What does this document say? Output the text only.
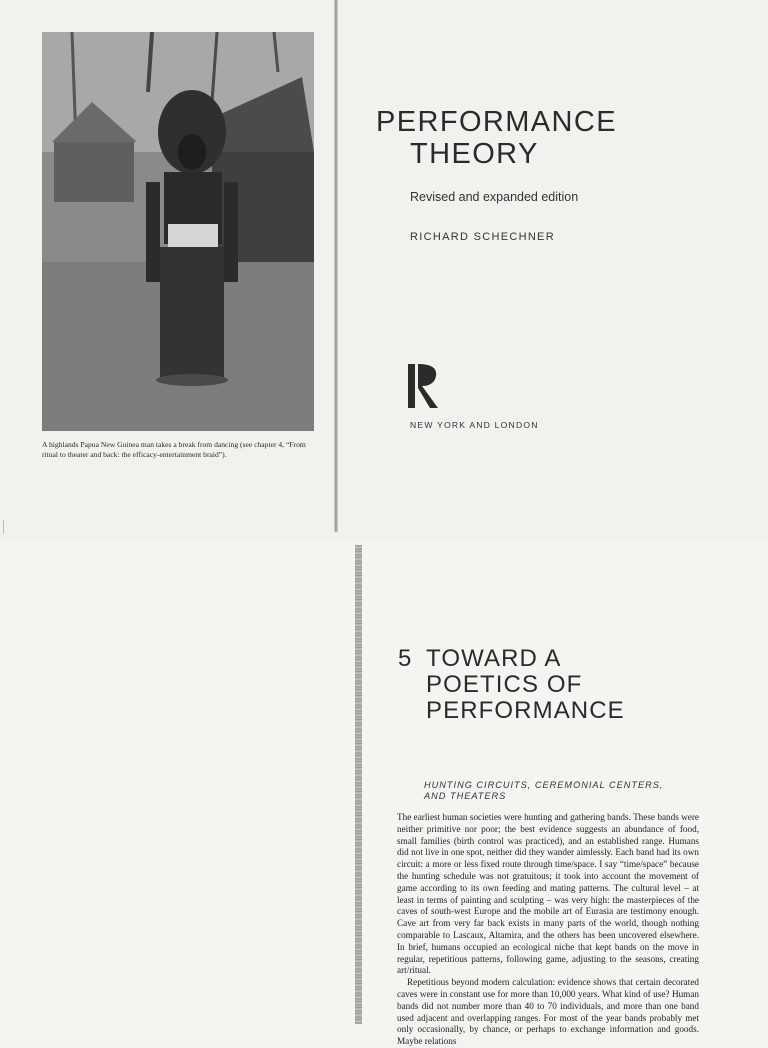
A highlands Papua New Guinea man takes a break from dancing (see chapter 4, “From ritual to theater and back: the efficacy-entertainment braid”).
PERFORMANCE
THEORY
Revised and expanded edition
RICHARD SCHECHNER
NEW YORK AND LONDON
5 TOWARD A
POETICS OF
PERFORMANCE
HUNTING CIRCUITS, CEREMONIAL CENTERS,
AND THEATERS

The earliest human societies were hunting and gathering bands. These bands were neither primitive nor poor; the best evidence suggests an abundance of food, small families (birth control was practiced), and an established range. Humans did not live in one spot, neither did they wander aimlessly. Each band had its own circuit: a more or less fixed route through time/space. I say “time/space” because the hunting schedule was not gratuitous; it took into account the movement of game according to its own feeding and mating patterns. The cultural level – at least in terms of painting and sculpting – was very high: the masterpieces of the caves of south-west Europe and the mobile art of Eurasia are testimony enough. Cave art from very far back exists in many parts of the world, though nothing comparable to Lascaux, Altamira, and the others has been uncovered elsewhere. In brief, humans occupied an ecological niche that kept bands on the move in regular, repetitious patterns, following game, adjusting to the seasons, creating art/ritual.

Repetitious beyond modern calculation: evidence shows that certain decorated caves were in constant use for more than 10,000 years. What kind of use? Human bands did not number more than 40 to 70 individuals, and more than one band used adjacent and overlapping ranges. For most of the year bands probably met only occasionally, by chance, or perhaps to exchange information and goods. Maybe relations
